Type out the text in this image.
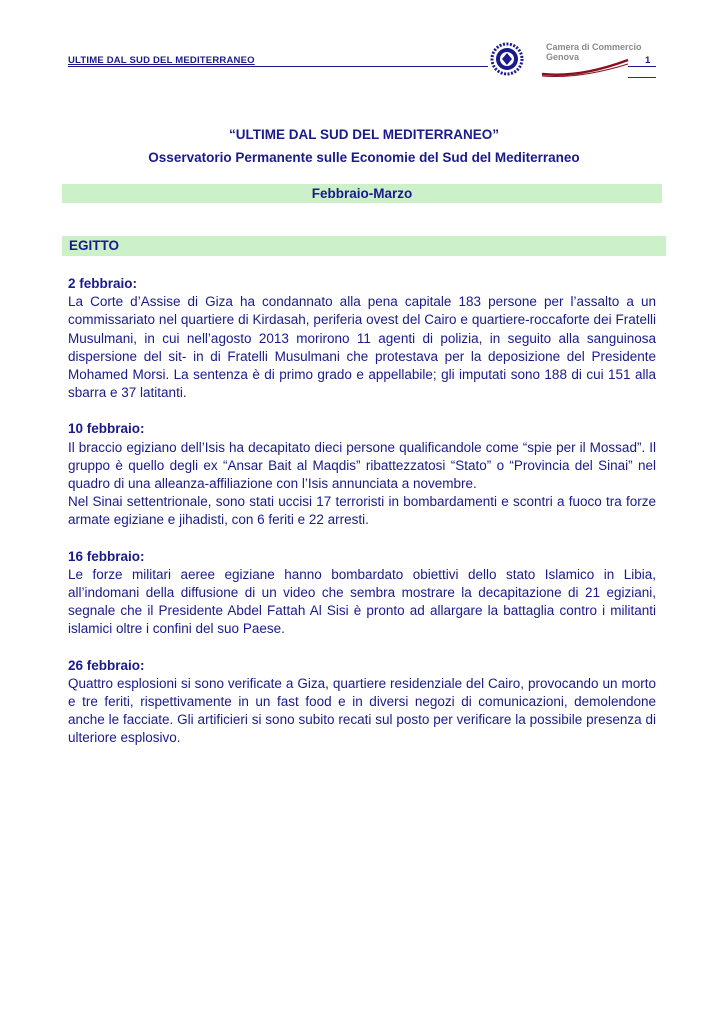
ULTIME DAL SUD DEL MEDITERRANEO
Camera di Commercio
Genova	1
“ULTIME DAL SUD DEL MEDITERRANEO”
Osservatorio Permanente sulle Economie del Sud del Mediterraneo
Febbraio-Marzo
EGITTO
2 febbraio:

La Corte d’Assise di Giza ha condannato alla pena capitale 183 persone per l’assalto a un commissariato nel quartiere di Kirdasah, periferia ovest del Cairo e quartiere-roccaforte dei Fratelli Musulmani, in cui nell’agosto 2013 morirono 11 agenti di polizia, in seguito alla sanguinosa dispersione del sit- in di Fratelli Musulmani che protestava per la deposizione del Presidente Mohamed Morsi. La sentenza è di primo grado e appellabile; gli imputati sono 188 di cui 151 alla sbarra e 37 latitanti.

10 febbraio:

Il braccio egiziano dell’Isis ha decapitato dieci persone qualificandole come “spie per il Mossad”. Il gruppo è quello degli ex “Ansar Bait al Maqdis” ribattezzatosi “Stato” o “Provincia del Sinai” nel quadro di una alleanza-affiliazione con l’Isis annunciata a novembre.

Nel Sinai settentrionale, sono stati uccisi 17 terroristi in bombardamenti e scontri a fuoco tra forze armate egiziane e jihadisti, con 6 feriti e 22 arresti.

16 febbraio:

Le forze militari aeree egiziane hanno bombardato obiettivi dello stato Islamico in Libia, all’indomani della diffusione di un video che sembra mostrare la decapitazione di 21 egiziani, segnale che il Presidente Abdel Fattah Al Sisi è pronto ad allargare la battaglia contro i militanti islamici oltre i confini del suo Paese.

26 febbraio:

Quattro esplosioni si sono verificate a Giza, quartiere residenziale del Cairo, provocando un morto e tre feriti, rispettivamente in un fast food e in diversi negozi di comunicazioni, demolendone anche le facciate. Gli artificieri si sono subito recati sul posto per verificare la possibile presenza di ulteriore esplosivo.
